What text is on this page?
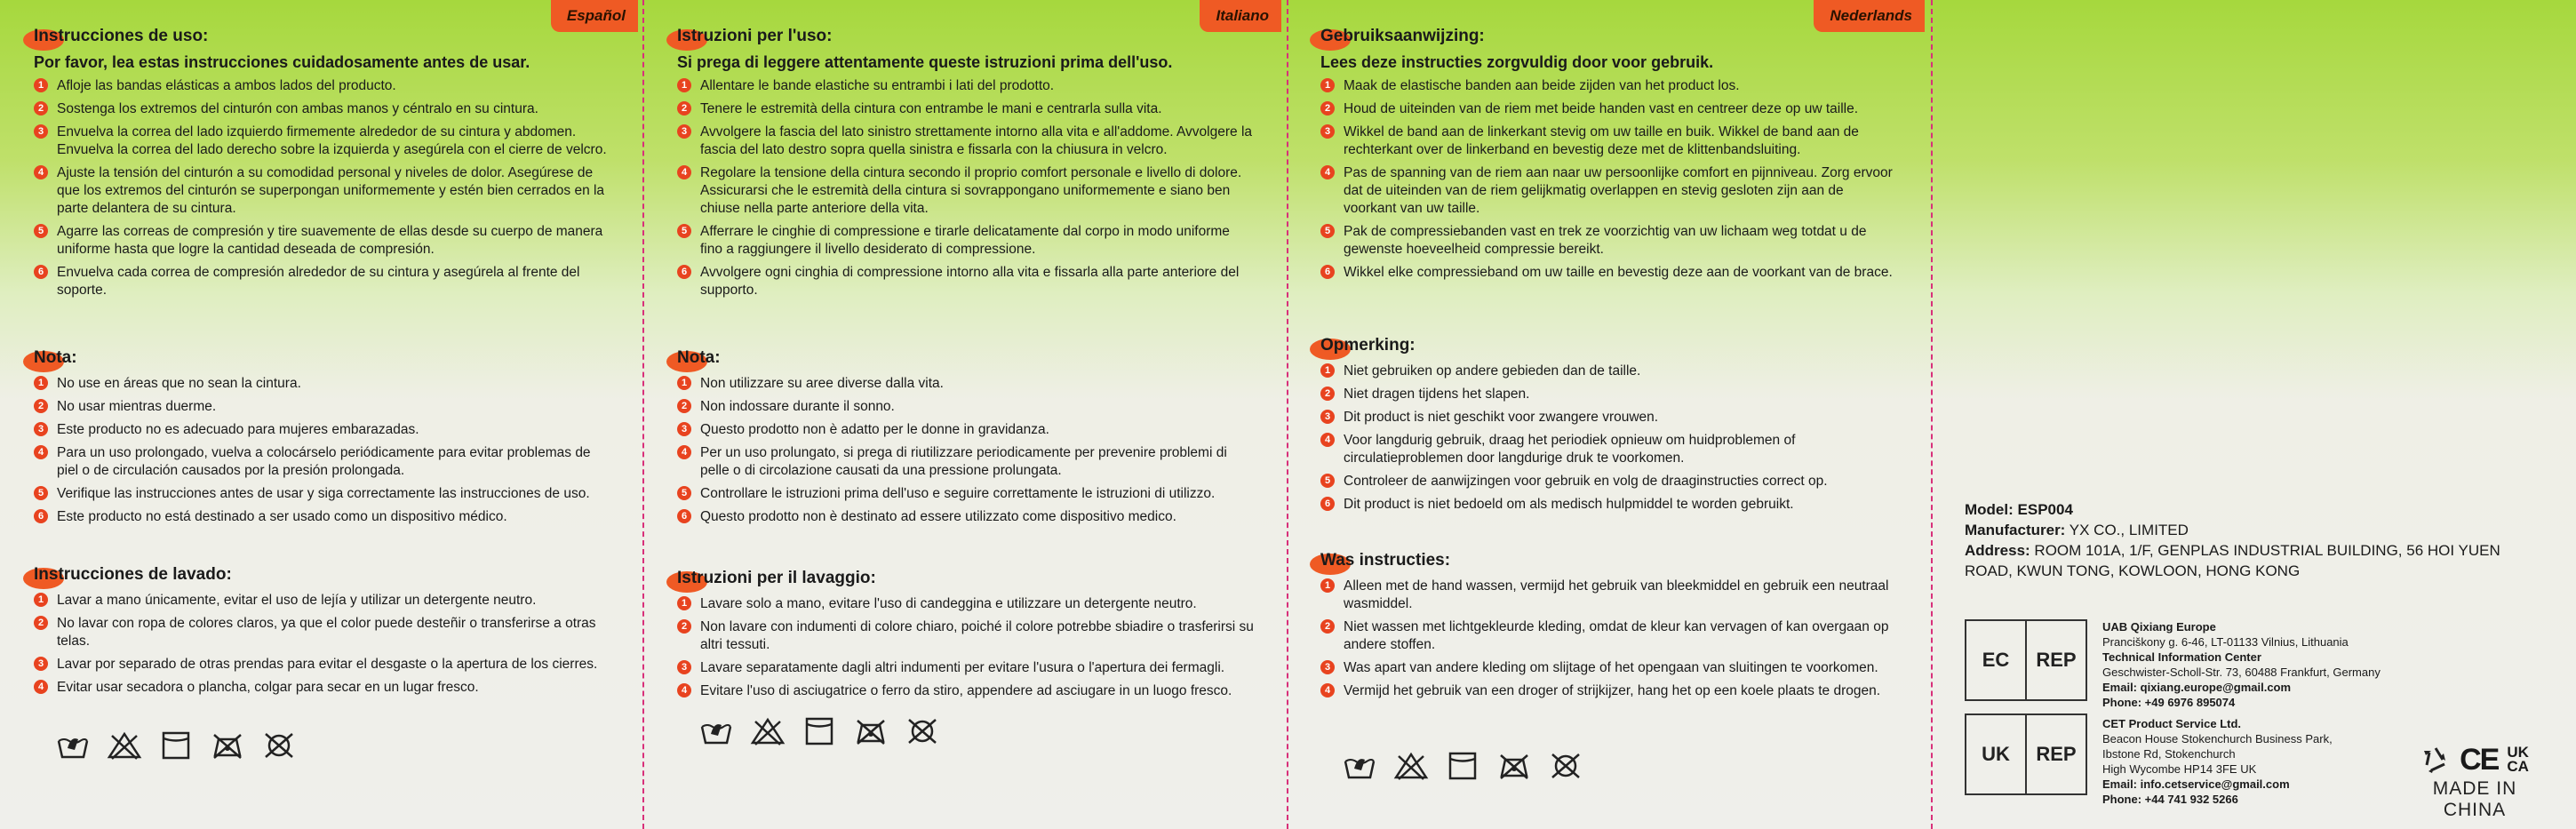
Español
Instrucciones de uso:
Por favor, lea estas instrucciones cuidadosamente antes de usar.
1 Afloje las bandas elásticas a ambos lados del producto.
2 Sostenga los extremos del cinturón con ambas manos y céntralo en su cintura.
3 Envuelva la correa del lado izquierdo firmemente alrededor de su cintura y abdomen. Envuelva la correa del lado derecho sobre la izquierda y asegúrela con el cierre de velcro.
4 Ajuste la tensión del cinturón a su comodidad personal y niveles de dolor. Asegúrese de que los extremos del cinturón se superpongan uniformemente y estén bien cerrados en la parte delantera de su cintura.
5 Agarre las correas de compresión y tire suavemente de ellas desde su cuerpo de manera uniforme hasta que logre la cantidad deseada de compresión.
6 Envuelva cada correa de compresión alrededor de su cintura y asegúrela al frente del soporte.
Nota:
1 No use en áreas que no sean la cintura.
2 No usar mientras duerme.
3 Este producto no es adecuado para mujeres embarazadas.
4 Para un uso prolongado, vuelva a colocárselo periódicamente para evitar problemas de piel o de circulación causados por la presión prolongada.
5 Verifique las instrucciones antes de usar y siga correctamente las instrucciones de uso.
6 Este producto no está destinado a ser usado como un dispositivo médico.
Instrucciones de lavado:
1 Lavar a mano únicamente, evitar el uso de lejía y utilizar un detergente neutro.
2 No lavar con ropa de colores claros, ya que el color puede desteñir o transferirse a otras telas.
3 Lavar por separado de otras prendas para evitar el desgaste o la apertura de los cierres.
4 Evitar usar secadora o plancha, colgar para secar en un lugar fresco.
Italiano
Istruzioni per l'uso:
Si prega di leggere attentamente queste istruzioni prima dell'uso.
1 Allentare le bande elastiche su entrambi i lati del prodotto.
2 Tenere le estremità della cintura con entrambe le mani e centrarla sulla vita.
3 Avvolgere la fascia del lato sinistro strettamente intorno alla vita e all'addome. Avvolgere la fascia del lato destro sopra quella sinistra e fissarla con la chiusura in velcro.
4 Regolare la tensione della cintura secondo il proprio comfort personale e livello di dolore. Assicurarsi che le estremità della cintura si sovrappongano uniformemente e siano ben chiuse nella parte anteriore della vita.
5 Afferrare le cinghie di compressione e tirarle delicatamente dal corpo in modo uniforme fino a raggiungere il livello desiderato di compressione.
6 Avvolgere ogni cinghia di compressione intorno alla vita e fissarla alla parte anteriore del supporto.
Nota:
1 Non utilizzare su aree diverse dalla vita.
2 Non indossare durante il sonno.
3 Questo prodotto non è adatto per le donne in gravidanza.
4 Per un uso prolungato, si prega di riutilizzare periodicamente per prevenire problemi di pelle o di circolazione causati da una pressione prolungata.
5 Controllare le istruzioni prima dell'uso e seguire correttamente le istruzioni di utilizzo.
6 Questo prodotto non è destinato ad essere utilizzato come dispositivo medico.
Istruzioni per il lavaggio:
1 Lavare solo a mano, evitare l'uso di candeggina e utilizzare un detergente neutro.
2 Non lavare con indumenti di colore chiaro, poiché il colore potrebbe sbiadire o trasferirsi su altri tessuti.
3 Lavare separatamente dagli altri indumenti per evitare l'usura o l'apertura dei fermagli.
4 Evitare l'uso di asciugatrice o ferro da stiro, appendere ad asciugare in un luogo fresco.
Nederlands
Gebruiksaanwijzing:
Lees deze instructies zorgvuldig door voor gebruik.
1 Maak de elastische banden aan beide zijden van het product los.
2 Houd de uiteinden van de riem met beide handen vast en centreer deze op uw taille.
3 Wikkel de band aan de linkerkant stevig om uw taille en buik. Wikkel de band aan de rechterkant over de linkerband en bevestig deze met de klittenbandsluiting.
4 Pas de spanning van de riem aan naar uw persoonlijke comfort en pijnniveau. Zorg ervoor dat de uiteinden van de riem gelijkmatig overlappen en stevig gesloten zijn aan de voorkant van uw taille.
5 Pak de compressiebanden vast en trek ze voorzichtig van uw lichaam weg totdat u de gewenste hoeveelheid compressie bereikt.
6 Wikkel elke compressieband om uw taille en bevestig deze aan de voorkant van de brace.
Opmerking:
1 Niet gebruiken op andere gebieden dan de taille.
2 Niet dragen tijdens het slapen.
3 Dit product is niet geschikt voor zwangere vrouwen.
4 Voor langdurig gebruik, draag het periodiek opnieuw om huidproblemen of circulatieproblemen door langdurige druk te voorkomen.
5 Controleer de aanwijzingen voor gebruik en volg de draaginstructies correct op.
6 Dit product is niet bedoeld om als medisch hulpmiddel te worden gebruikt.
Was instructies:
1 Alleen met de hand wassen, vermijd het gebruik van bleekmiddel en gebruik een neutraal wasmiddel.
2 Niet wassen met lichtgekleurde kleding, omdat de kleur kan vervagen of kan overgaan op andere stoffen.
3 Was apart van andere kleding om slijtage of het opengaan van sluitingen te voorkomen.
4 Vermijd het gebruik van een droger of strijkijzer, hang het op een koele plaats te drogen.
Model: ESP004
Manufacturer: YX CO., LIMITED
Address: ROOM 101A, 1/F, GENPLAS INDUSTRIAL BUILDING, 56 HOI YUEN ROAD, KWUN TONG, KOWLOON, HONG KONG
EC	REP
UAB Qixiang Europe
Pranciškony g. 6-46, LT-01133 Vilnius, Lithuania
Technical Information Center
Geschwister-Scholl-Str. 73, 60488 Frankfurt, Germany
Email: qixiang.europe@gmail.com
Phone: +49 6976 895074
UK	REP
CET Product Service Ltd.
Beacon House Stokenchurch Business Park,
Ibstone Rd, Stokenchurch
High Wycombe HP14 3FE UK
Email: info.cetservice@gmail.com
Phone: +44 741 932 5266
CE UK
CA
MADE IN CHINA
